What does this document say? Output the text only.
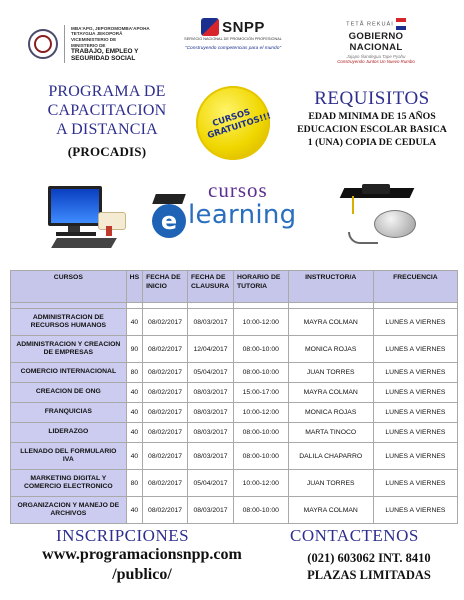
MBA'APO, JEPOROMOMBA'APOHA
TETAYGUA JEKOPORÃ
VICEMINISTERIO DE
MINISTERIO DE
TRABAJO, EMPLEO Y
SEGURIDAD SOCIAL
SNPP
SERVICIO NACIONAL DE PROMOCIÓN PROFESIONAL
"Construyendo competencias para el mundo"
TETÃ REKUÁI
GOBIERNO NACIONAL
Jajapo Ñandegua Tape Pyahu
Construyendo Juntos Un Nuevo Rumbo
PROGRAMA DE
CAPACITACION
A DISTANCIA
(PROCADIS)
CURSOS GRATUITOS!!!
REQUISITOS
EDAD MINIMA DE 15 AÑOS
EDUCACION ESCOLAR BASICA
1 (UNA) COPIA DE CEDULA
cursos
e learning
CURSOS	HS	FECHA DE INICIO	FECHA DE CLAUSURA	HORARIO DE TUTORIA	INSTRUCTOR/A	FRECUENCIA

ADMINISTRACION DE RECURSOS HUMANOS	40	08/02/2017	08/03/2017	10:00-12:00	MAYRA COLMAN	LUNES A VIERNES
ADMINISTRACION Y CREACION DE EMPRESAS	90	08/02/2017	12/04/2017	08:00-10:00	MONICA ROJAS	LUNES A VIERNES
COMERCIO INTERNACIONAL	80	08/02/2017	05/04/2017	08:00-10:00	JUAN TORRES	LUNES A VIERNES
CREACION DE ONG	40	08/02/2017	08/03/2017	15:00-17:00	MAYRA COLMAN	LUNES A VIERNES
FRANQUICIAS	40	08/02/2017	08/03/2017	10:00-12:00	MONICA ROJAS	LUNES A VIERNES
LIDERAZGO	40	08/02/2017	08/03/2017	08:00-10:00	MARTA TINOCO	LUNES A VIERNES
LLENADO DEL FORMULARIO IVA	40	08/02/2017	08/03/2017	08:00-10:00	DALILA CHAPARRO	LUNES A VIERNES
MARKETING DIGITAL Y COMERCIO ELECTRONICO	80	08/02/2017	05/04/2017	10:00-12:00	JUAN TORRES	LUNES A VIERNES
ORGANIZACION Y MANEJO DE ARCHIVOS	40	08/02/2017	08/03/2017	08:00-10:00	MAYRA COLMAN	LUNES A VIERNES
INSCRIPCIONES
www.programacionsnpp.com
/publico/
CONTACTENOS
(021) 603062 INT. 8410
PLAZAS LIMITADAS
